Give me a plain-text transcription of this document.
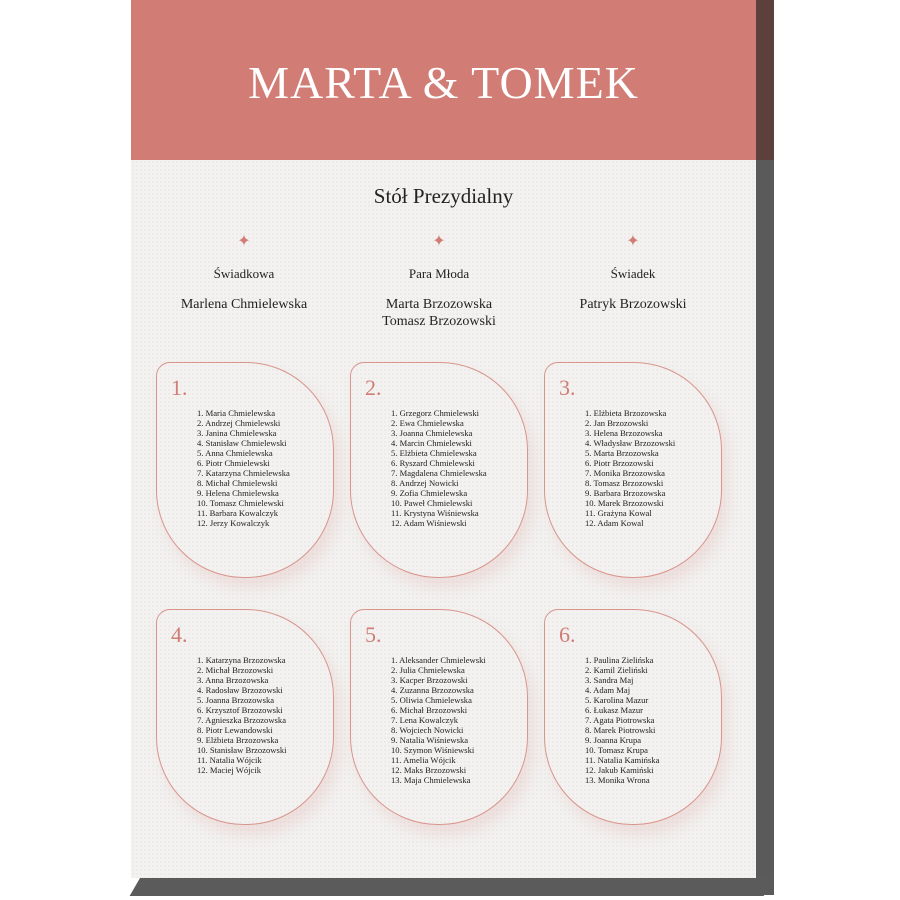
MARTA & TOMEK
Stół Prezydialny
✦
Świadkowa
Marlena Chmielewska
✦
Para Młoda
Marta Brzozowska
Tomasz Brzozowski
✦
Świadek
Patryk Brzozowski
1.
1. Maria Chmielewska
2. Andrzej Chmielewski
3. Janina Chmielewska
4. Stanisław Chmielewski
5. Anna Chmielewska
6. Piotr Chmielewski
7. Katarzyna Chmielewska
8. Michał Chmielewski
9. Helena Chmielewska
10. Tomasz Chmielewski
11. Barbara Kowalczyk
12. Jerzy Kowalczyk
2.
1. Grzegorz Chmielewski
2. Ewa Chmielewska
3. Joanna Chmielewska
4. Marcin Chmielewski
5. Elżbieta Chmielewska
6. Ryszard Chmielewski
7. Magdalena Chmielewska
8. Andrzej Nowicki
9. Zofia Chmielewska
10. Paweł Chmielewski
11. Krystyna Wiśniewska
12. Adam Wiśniewski
3.
1. Elżbieta Brzozowska
2. Jan Brzozowski
3. Helena Brzozowska
4. Władysław Brzozowski
5. Marta Brzozowska
6. Piotr Brzozowski
7. Monika Brzozowska
8. Tomasz Brzozowski
9. Barbara Brzozowska
10. Marek Brzozowski
11. Grażyna Kowal
12. Adam Kowal
4.
1. Katarzyna Brzozowska
2. Michał Brzozowski
3. Anna Brzozowska
4. Radosław Brzozowski
5. Joanna Brzozowska
6. Krzysztof Brzozowski
7. Agnieszka Brzozowska
8. Piotr Lewandowski
9. Elżbieta Brzozowska
10. Stanisław Brzozowski
11. Natalia Wójcik
12. Maciej Wójcik
5.
1. Aleksander Chmielewski
2. Julia Chmielewska
3. Kacper Brzozowski
4. Zuzanna Brzozowska
5. Oliwia Chmielewska
6. Michał Brzozowski
7. Lena Kowalczyk
8. Wojciech Nowicki
9. Natalia Wiśniewska
10. Szymon Wiśniewski
11. Amelia Wójcik
12. Maks Brzozowski
13. Maja Chmielewska
6.
1. Paulina Zielińska
2. Kamil Zieliński
3. Sandra Maj
4. Adam Maj
5. Karolina Mazur
6. Łukasz Mazur
7. Agata Piotrowska
8. Marek Piotrowski
9. Joanna Krupa
10. Tomasz Krupa
11. Natalia Kamińska
12. Jakub Kamiński
13. Monika Wrona
